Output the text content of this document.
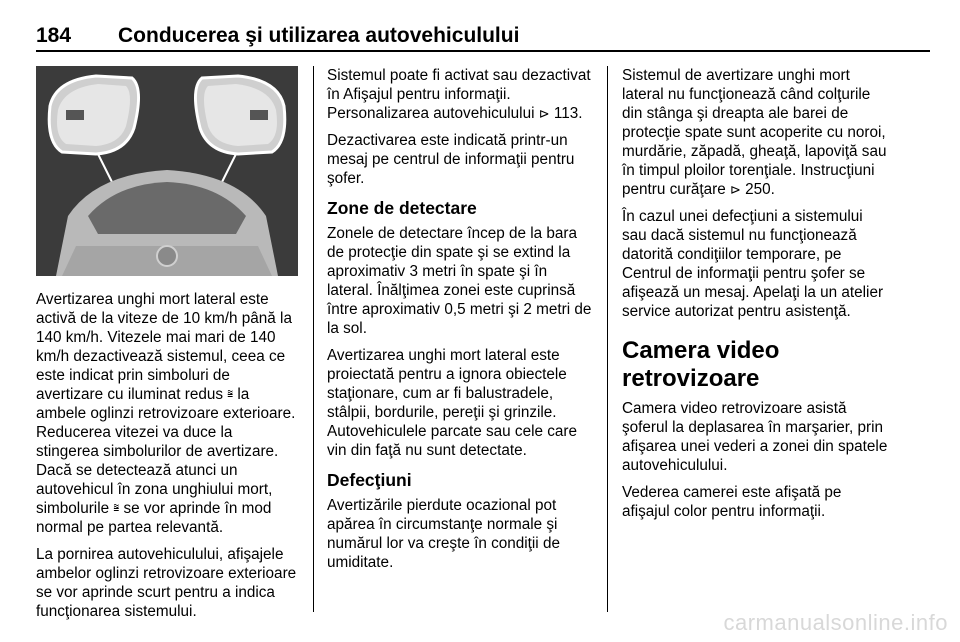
184 Conducerea şi utilizarea autovehiculului

Avertizarea unghi mort lateral este activă de la viteze de 10 km/h până la 140 km/h. Vitezele mai mari de 140 km/h dezactivează sistemul, ceea ce este indicat prin simboluri de avertizare cu iluminat redus ⩰ la ambele oglinzi retrovizoare exterioare. Reducerea vitezei va duce la stingerea simbolurilor de avertizare. Dacă se detectează atunci un autovehicul în zona unghiului mort, simbolurile ⩰ se vor aprinde în mod normal pe partea relevantă.

La pornirea autovehiculului, afişajele ambelor oglinzi retrovizoare exterioare se vor aprinde scurt pentru a indica funcţionarea sistemului.

Sistemul poate fi activat sau dezactivat în Afişajul pentru informaţii. Personalizarea autovehiculului ⊳ 113.

Dezactivarea este indicată printr-un mesaj pe centrul de informaţii pentru şofer.

Zone de detectare

Zonele de detectare încep de la bara de protecţie din spate şi se extind la aproximativ 3 metri în spate şi în lateral. Înălţimea zonei este cuprinsă între aproximativ 0,5 metri şi 2 metri de la sol.

Avertizarea unghi mort lateral este proiectată pentru a ignora obiectele staţionare, cum ar fi balustradele, stâlpii, bordurile, pereţii şi grinzile. Autovehiculele parcate sau cele care vin din faţă nu sunt detectate.

Defecţiuni

Avertizările pierdute ocazional pot apărea în circumstanţe normale şi numărul lor va creşte în condiţii de umiditate.

Sistemul de avertizare unghi mort lateral nu funcţionează când colţurile din stânga şi dreapta ale barei de protecţie spate sunt acoperite cu noroi, murdărie, zăpadă, gheaţă, lapoviţă sau în timpul ploilor torenţiale. Instrucţiuni pentru curăţare ⊳ 250.

În cazul unei defecţiuni a sistemului sau dacă sistemul nu funcţionează datorită condiţiilor temporare, pe Centrul de informaţii pentru şofer se afişează un mesaj. Apelaţi la un atelier service autorizat pentru asistenţă.

Camera video retrovizoare

Camera video retrovizoare asistă şoferul la deplasarea în marşarier, prin afişarea unei vederi a zonei din spatele autovehiculului.

Vederea camerei este afişată pe afişajul color pentru informaţii.

carmanualsonline.info
